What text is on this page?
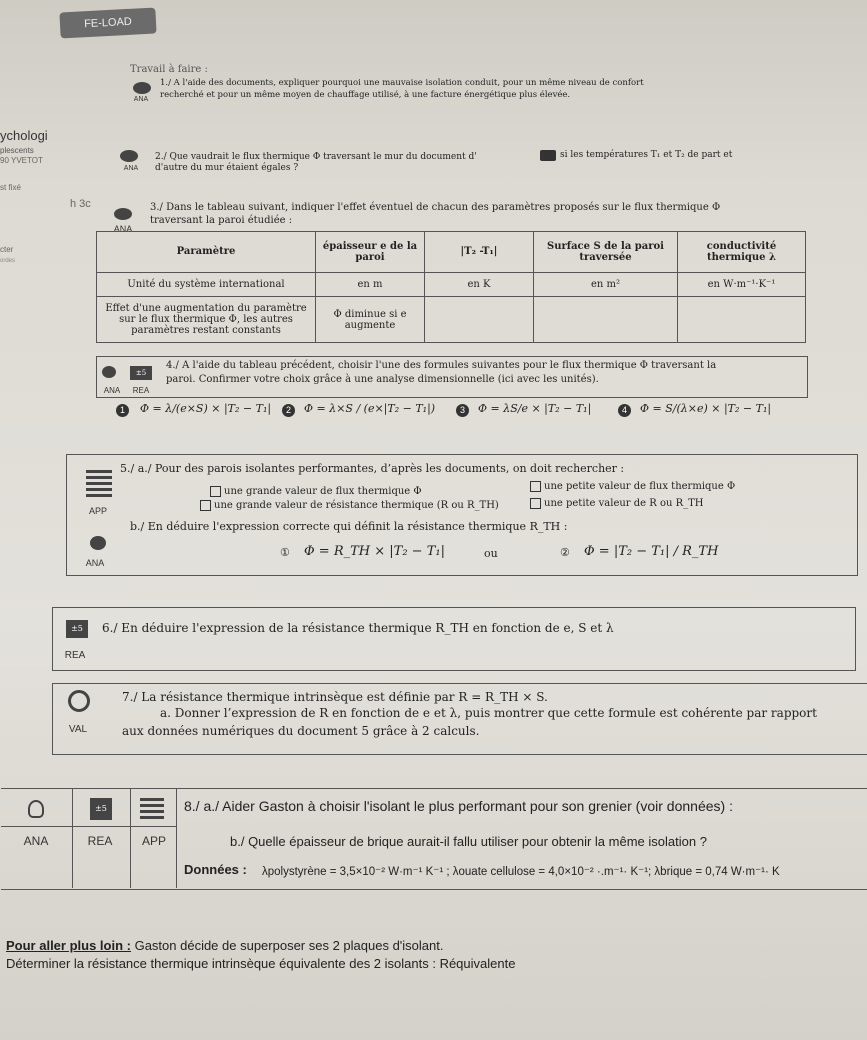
FE-LOAD
Travail à faire :
ychologi
plescents
90 YVETOT
st fixé
h 3c
cter
ordes
ANA
1./ A l'aide des documents, expliquer pourquoi une mauvaise isolation conduit, pour un même niveau de confort
recherché et pour un même moyen de chauffage utilisé, à une facture énergétique plus élevée.
ANA
2./ Que vaudrait le flux thermique Φ traversant le mur du document d'	si les températures T₁ et T₂ de part et
d'autre du mur étaient égales ?
ANA
3./ Dans le tableau suivant, indiquer l'effet éventuel de chacun des paramètres proposés sur le flux thermique Φ
traversant la paroi étudiée :
Paramètre	épaisseur e de la paroi	|T₂ -T₁|	Surface S de la paroi traversée	conductivité thermique λ
Unité du système international	en m	en K	en m²	en W·m⁻¹·K⁻¹
Effet d'une augmentation du paramètre sur le flux thermique Φ, les autres paramètres restant constants	Φ diminue si e augmente			
±5
ANA	REA
4./ A l'aide du tableau précédent, choisir l'une des formules suivantes pour le flux thermique Φ traversant la
paroi. Confirmer votre choix grâce à une analyse dimensionnelle (ici avec les unités).
1	Φ = λ/(e×S) × |T₂ − T₁|	2	Φ = λ×S / (e×|T₂ − T₁|)	3	Φ = λS/e × |T₂ − T₁|	4	Φ = S/(λ×e) × |T₂ − T₁|
APP
5./ a./ Pour des parois isolantes performantes, d’après les documents, on doit rechercher :
une grande valeur de flux thermique Φ	une petite valeur de flux thermique Φ
une grande valeur de résistance thermique (R ou R_TH)	une petite valeur de R ou R_TH
ANA
b./ En déduire l'expression correcte qui définit la résistance thermique R_TH :
① Φ = R_TH × |T₂ − T₁|	ou	② Φ = |T₂ − T₁| / R_TH
±5
REA
6./ En déduire l'expression de la résistance thermique R_TH en fonction de e, S et λ
VAL
7./ La résistance thermique intrinsèque est définie par R = R_TH × S.
a. Donner l’expression de R en fonction de e et λ, puis montrer que cette formule est cohérente par rapport
aux données numériques du document 5 grâce à 2 calculs.
±5
ANA	REA	APP
8./ a./ Aider Gaston à choisir l'isolant le plus performant pour son grenier (voir données) :
b./ Quelle épaisseur de brique aurait-il fallu utiliser pour obtenir la même isolation ?
Données : λpolystyrène = 3,5×10⁻² W·m⁻¹ K⁻¹ ; λouate cellulose = 4,0×10⁻² ·.m⁻¹· K⁻¹; λbrique = 0,74 W·m⁻¹· K
Pour aller plus loin : Gaston décide de superposer ses 2 plaques d'isolant.
Déterminer la résistance thermique intrinsèque équivalente des 2 isolants : Réquivalente
